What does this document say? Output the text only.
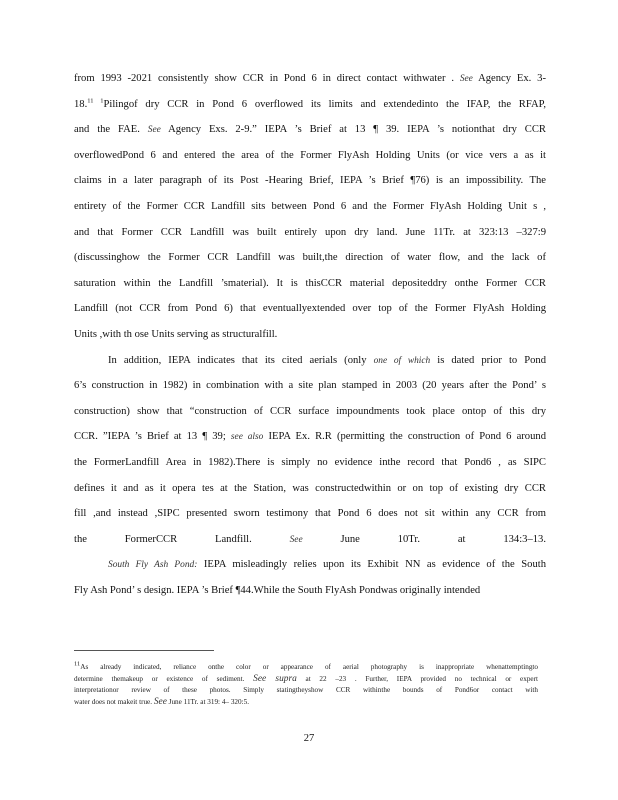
from 1993 -2021 consistently show CCR in Pond 6 in direct contact withwater . See Agency Ex. 3-
18.$^{11 1}$Pilingof dry CCR in Pond 6 overflowed its limits and extendedinto the IFAP, the RFAP,
and the FAE. See Agency Exs. 2-9.” IEPA ’s Brief at 13 ¶ 39. IEPA ’s notionthat dry CCR
overflowedPond 6 and entered the area of the Former FlyAsh Holding Units (or vice vers a as it
claims in a later paragraph of its Post -Hearing Brief, IEPA ’s Brief ¶76) is an impossibility. The
entirety of the Former CCR Landfill sits between Pond 6 and the Former FlyAsh Holding Unit s ,
and that Former CCR Landfill was built entirely upon dry land. June 11Tr. at 323:13 –327:9
(discussinghow the Former CCR Landfill was built,the direction of water flow, and the lack of
saturation within the Landfill ’smaterial). It is thisCCR material depositeddry onthe Former CCR
Landfill (not CCR from Pond 6) that eventuallyextended over top of the Former FlyAsh Holding
Units ,with th ose Units serving as structuralfill.
In addition, IEPA indicates that its cited aerials (only one of which is dated prior to Pond
6’s construction in 1982) in combination with a site plan stamped in 2003 (20 years after the Pond’ s
construction) show that “construction of CCR surface impoundments took place ontop of this dry
CCR. ”IEPA ’s Brief at 13 ¶ 39; see also IEPA Ex. R.R (permitting the construction of Pond 6 around
the FormerLandfill Area in 1982).There is simply no evidence inthe record that Pond6 , as SIPC
defines it and as it opera tes at the Station, was constructedwithin or on top of existing dry CCR
fill ,and instead ,SIPC presented sworn testimony that Pond 6 does not sit within any CCR from
the FormerCCR Landfill. See June 10Tr. at 134:3–13.
South Fly Ash Pond: IEPA misleadingly relies upon its Exhibit NN as evidence of the South
Fly Ash Pond’ s design. IEPA ’s Brief ¶44.While the South FlyAsh Pondwas originally intended
11As already indicated, reliance onthe color or appearance of aerial photography is inappropriate whenattemptingto
determine themakeup or existence of sediment. See supra at 22 –23 . Further, IEPA provided no technical or expert
interpretationor review of these photos. Simply statingtheyshow CCR withinthe bounds of Pond6or contact with
water does not makeit true. See June 11Tr. at 319: 4– 320:5.
27
